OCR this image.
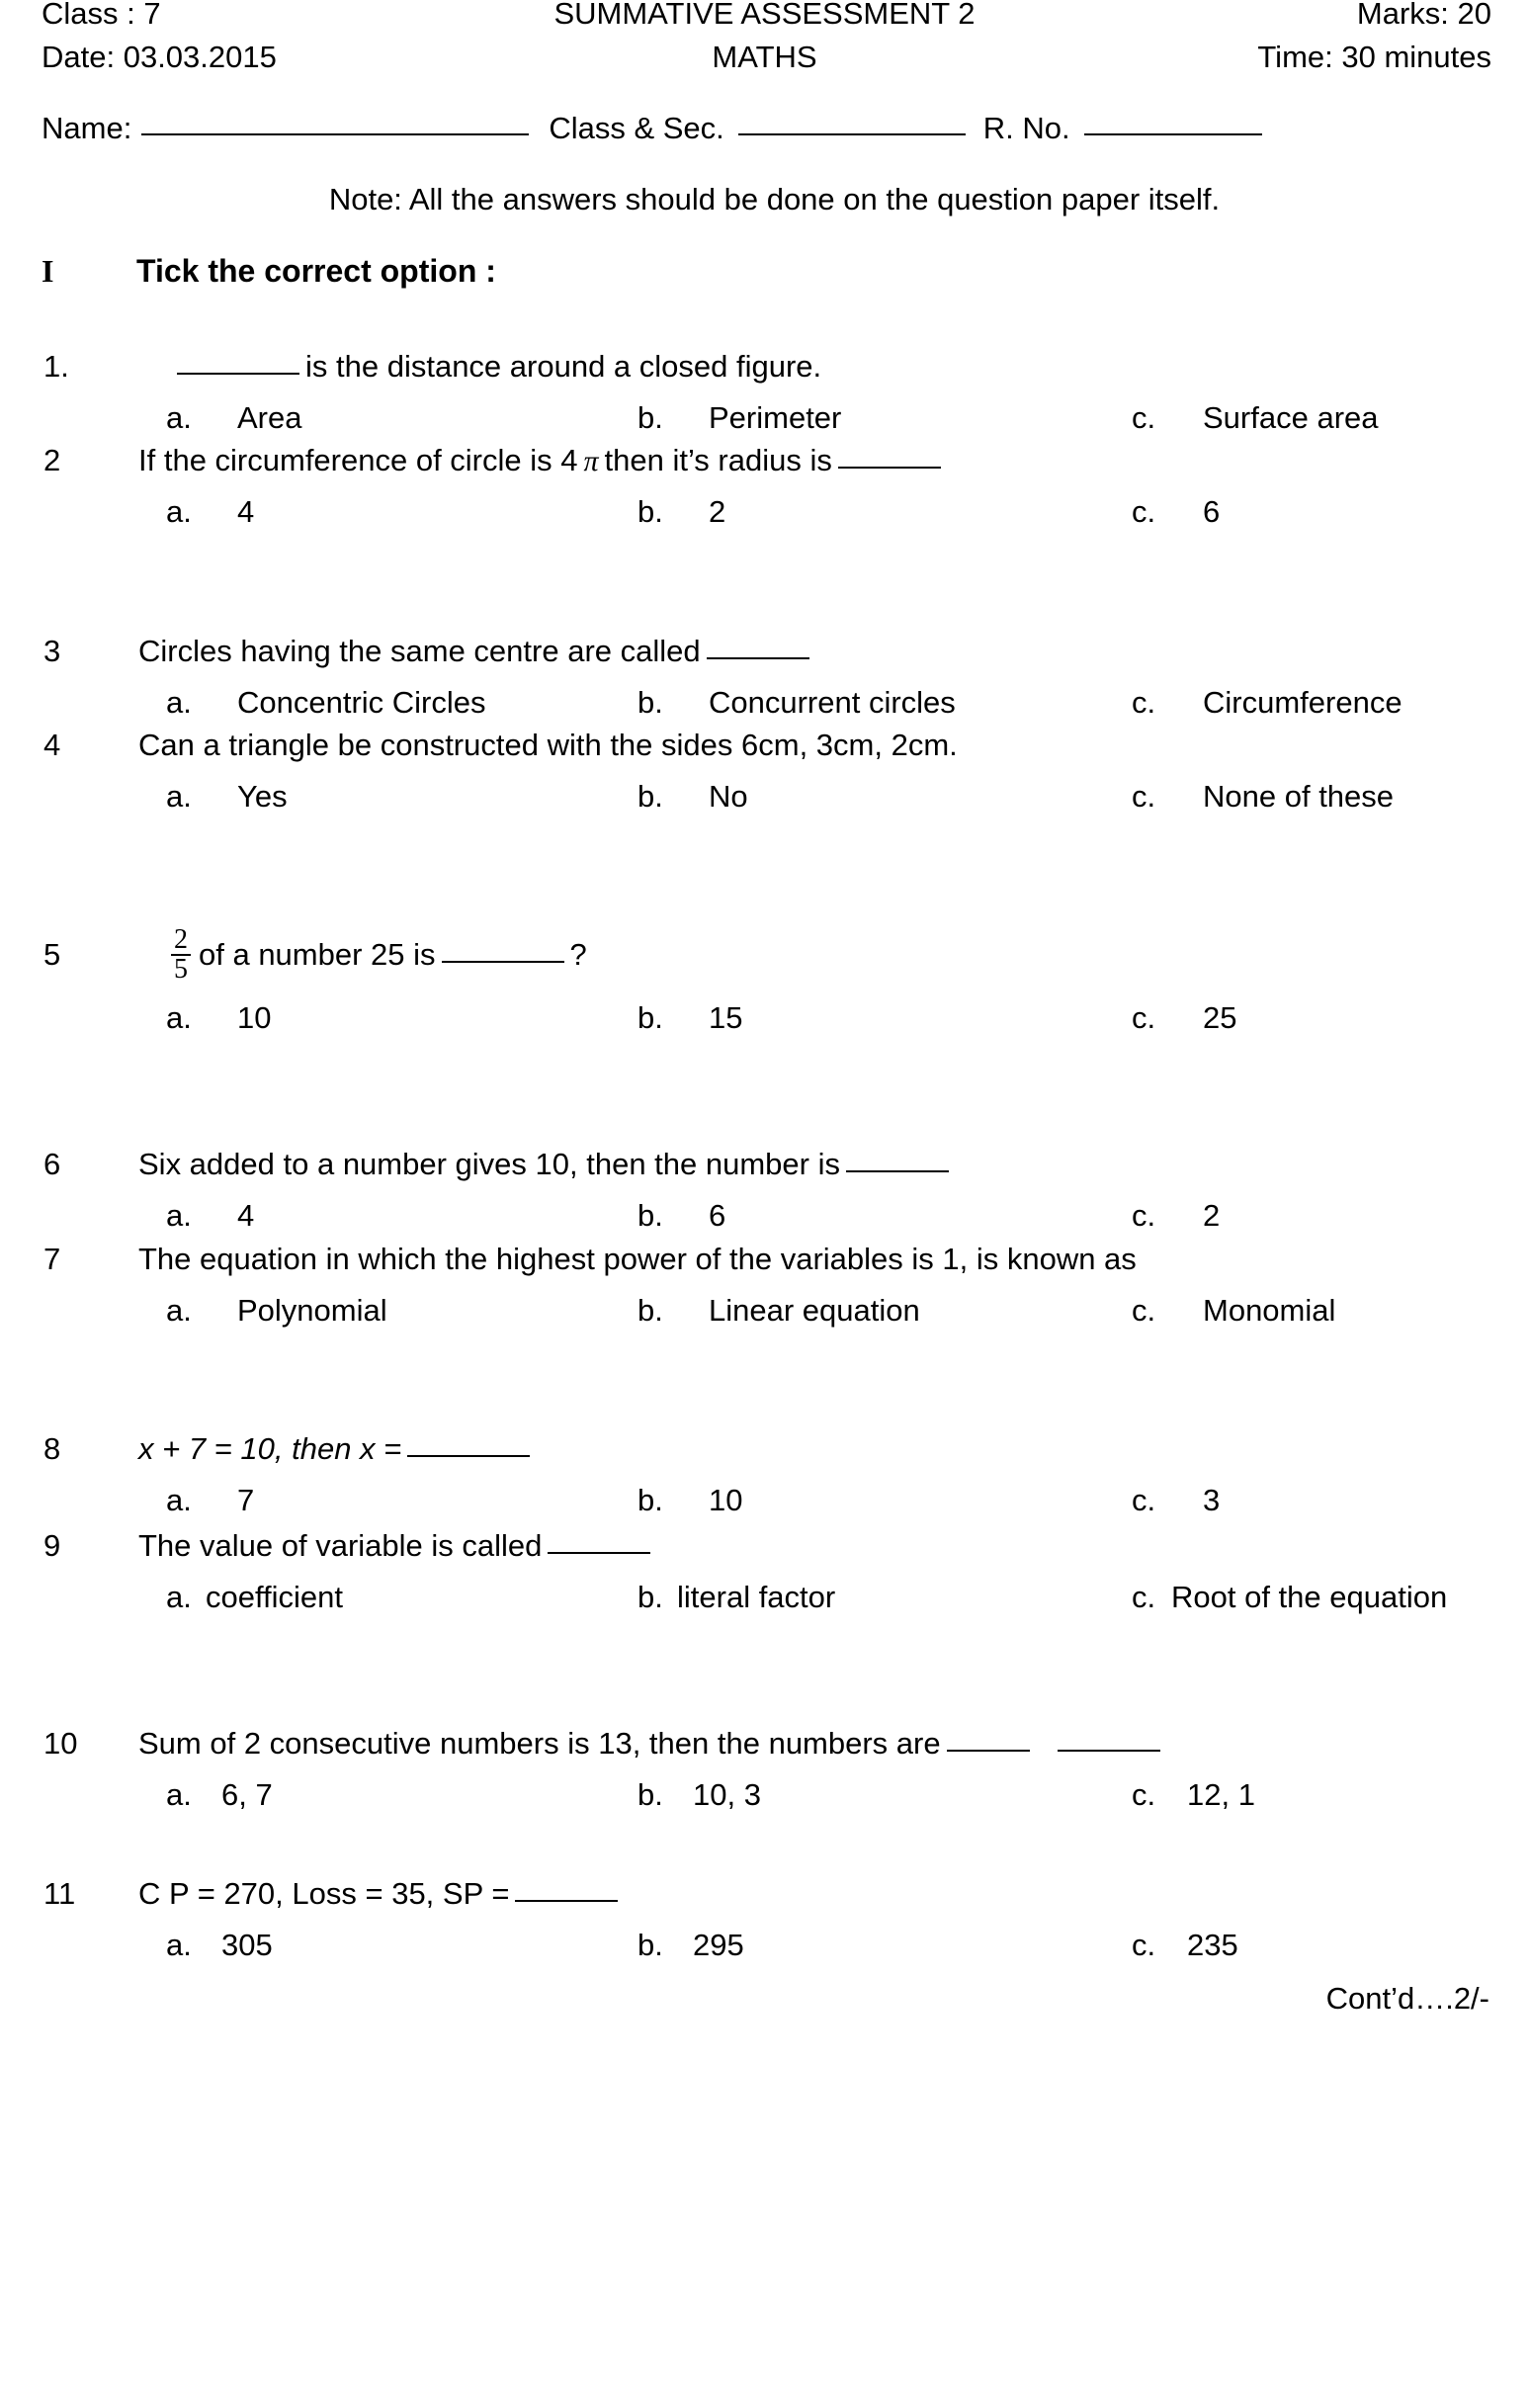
Class : 7	SUMMATIVE ASSESSMENT 2	Marks: 20
Date: 03.03.2015	MATHS	Time: 30 minutes
Name:	Class & Sec.	R. No.
Note: All the answers should be done on the question paper itself.
I	Tick the correct option :
1.	is the distance around a closed figure.
a. Area	b. Perimeter	c. Surface area
2	If the circumference of circle is 4 π then it’s radius is
a. 4	b. 2	c. 6
3	Circles having the same centre are called
a. Concentric Circles	b. Concurrent circles	c. Circumference
4	Can a triangle be constructed with the sides 6cm, 3cm, 2cm.
a. Yes	b. No	c. None of these
5	$\frac{2}{5}$ of a number 25 is	?
a. 10	b. 15	c. 25
6	Six added to a number gives 10, then the number is
a. 4	b. 6	c. 2
7	The equation in which the highest power of the variables is 1, is known as
a. Polynomial	b. Linear equation	c. Monomial
8	x + 7 = 10, then x =
a. 7	b. 10	c. 3
9	The value of variable is called
a. coefficient	b. literal factor	c. Root of the equation
10 Sum of 2 consecutive numbers is 13, then the numbers are
a. 6, 7	b. 10, 3	c. 12, 1
11 C P = 270, Loss = 35, SP =
a. 305	b. 295	c. 235
Cont’d….2/-
